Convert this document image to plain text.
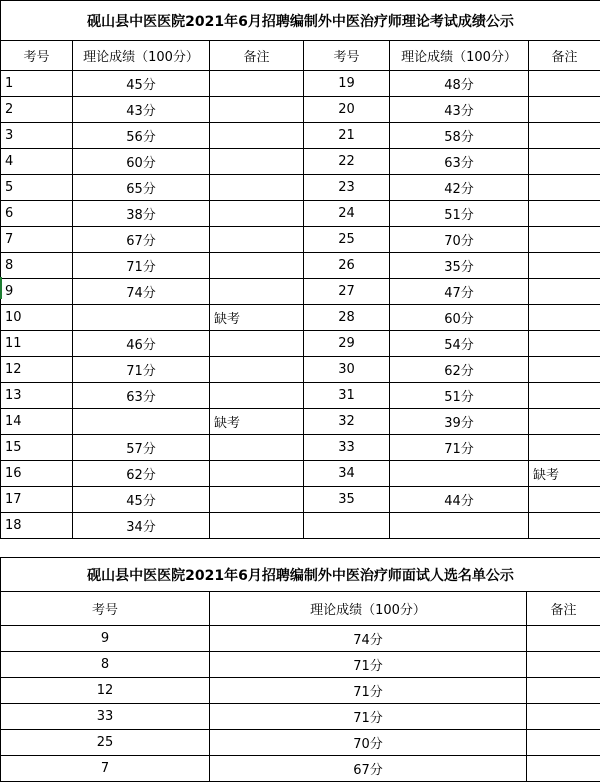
砚山县中医医院2021年6月招聘编制外中医治疗师理论考试成绩公示					
考号	理论成绩（100分）	备注	考号	理论成绩（100分）	备注
1	45分		19	48分	
2	43分		20	43分	
3	56分		21	58分	
4	60分		22	63分	
5	65分		23	42分	
6	38分		24	51分	
7	67分		25	70分	
8	71分		26	35分	
9	74分		27	47分	
10		缺考	28	60分	
11	46分		29	54分	
12	71分		30	62分	
13	63分		31	51分	
14		缺考	32	39分	
15	57分		33	71分	
16	62分		34		缺考
17	45分		35	44分	
18	34分				
砚山县中医医院2021年6月招聘编制外中医治疗师面试人选名单公示		
考号	理论成绩（100分）	备注
9	74分	
8	71分	
12	71分	
33	71分	
25	70分	
7	67分	
